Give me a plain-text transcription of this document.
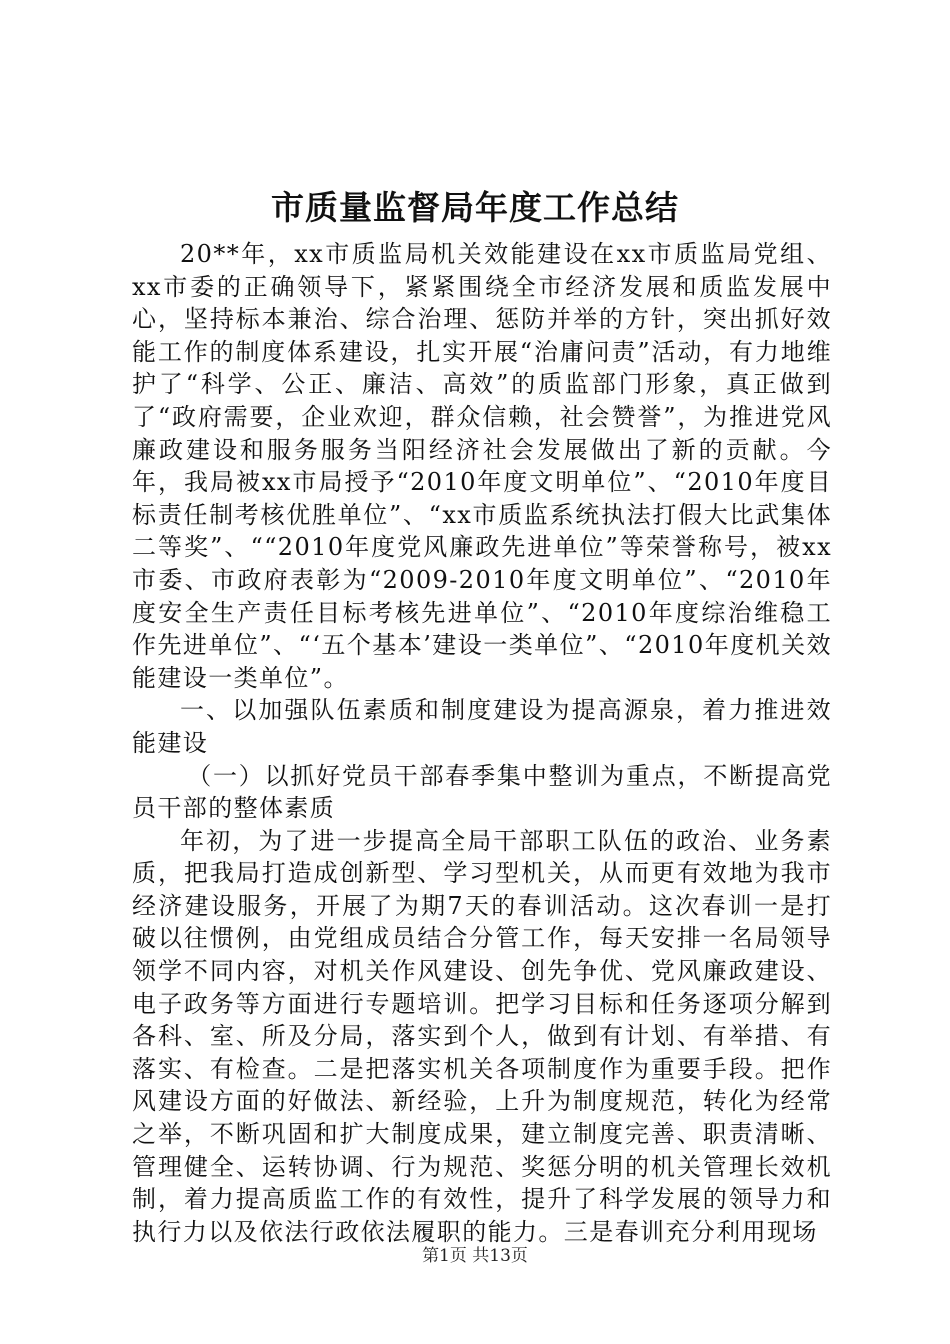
市质量监督局年度工作总结

20**年，xx市质监局机关效能建设在xx市质监局党组、xx市委的正确领导下，紧紧围绕全市经济发展和质监发展中心，坚持标本兼治、综合治理、惩防并举的方针，突出抓好效能工作的制度体系建设，扎实开展“治庸问责”活动，有力地维护了“科学、公正、廉洁、高效”的质监部门形象，真正做到了“政府需要，企业欢迎，群众信赖，社会赞誉”，为推进党风廉政建设和服务服务当阳经济社会发展做出了新的贡献。今年，我局被xx市局授予“2010年度文明单位”、“2010年度目标责任制考核优胜单位”、“xx市质监系统执法打假大比武集体二等奖”、““2010年度党风廉政先进单位”等荣誉称号，被xx市委、市政府表彰为“2009-2010年度文明单位”、“2010年度安全生产责任目标考核先进单位”、“2010年度综治维稳工作先进单位”、“‘五个基本’建设一类单位”、“2010年度机关效能建设一类单位”。

一、以加强队伍素质和制度建设为提高源泉，着力推进效能建设

（一）以抓好党员干部春季集中整训为重点，不断提高党员干部的整体素质

年初，为了进一步提高全局干部职工队伍的政治、业务素质，把我局打造成创新型、学习型机关，从而更有效地为我市经济建设服务，开展了为期7天的春训活动。这次春训一是打破以往惯例，由党组成员结合分管工作，每天安排一名局领导领学不同内容，对机关作风建设、创先争优、党风廉政建设、电子政务等方面进行专题培训。把学习目标和任务逐项分解到各科、室、所及分局，落实到个人，做到有计划、有举措、有落实、有检查。二是把落实机关各项制度作为重要手段。把作风建设方面的好做法、新经验，上升为制度规范，转化为经常之举，不断巩固和扩大制度成果，建立制度完善、职责清晰、管理健全、运转协调、行为规范、奖惩分明的机关管理长效机制，着力提高质监工作的有效性，提升了科学发展的领导力和执行力以及依法行政依法履职的能力。三是春训充分利用现场

第1页 共13页
